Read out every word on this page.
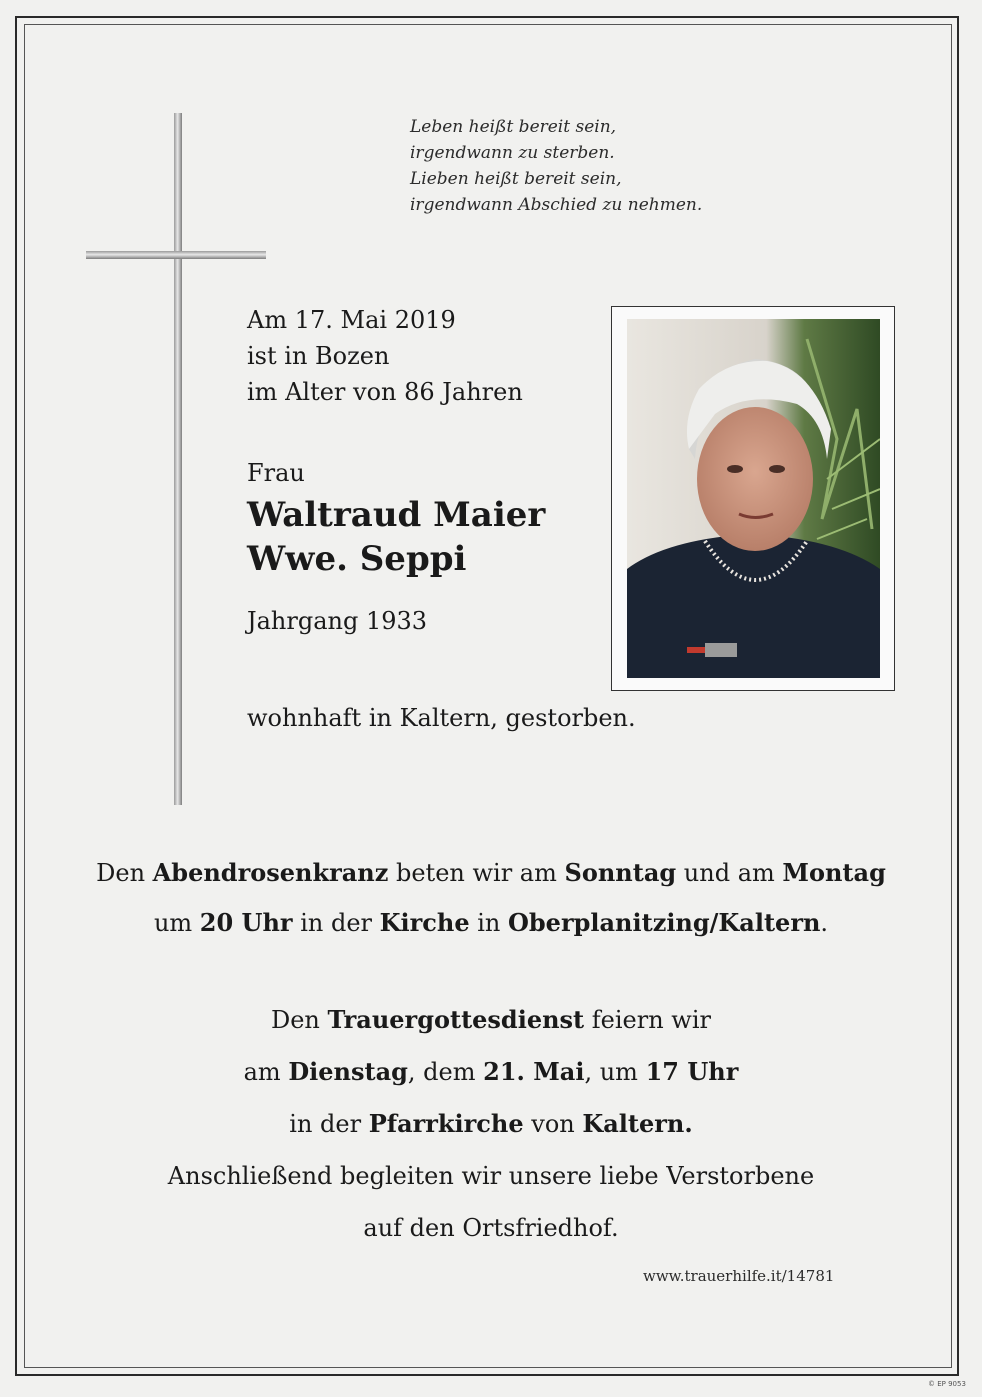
Leben heißt bereit sein,
irgendwann zu sterben.
Lieben heißt bereit sein,
irgendwann Abschied zu nehmen.
Am 17. Mai 2019
ist in Bozen
im Alter von 86 Jahren
Frau
Waltraud Maier
Wwe. Seppi
Jahrgang 1933
wohnhaft in Kaltern, gestorben.
Den Abendrosenkranz beten wir am Sonntag und am Montag
um 20 Uhr in der Kirche in Oberplanitzing/Kaltern.
Den Trauergottesdienst feiern wir
am Dienstag, dem 21. Mai, um 17 Uhr
in der Pfarrkirche von Kaltern.
Anschließend begleiten wir unsere liebe Verstorbene
auf den Ortsfriedhof.
www.trauerhilfe.it/14781
© EP 9053
